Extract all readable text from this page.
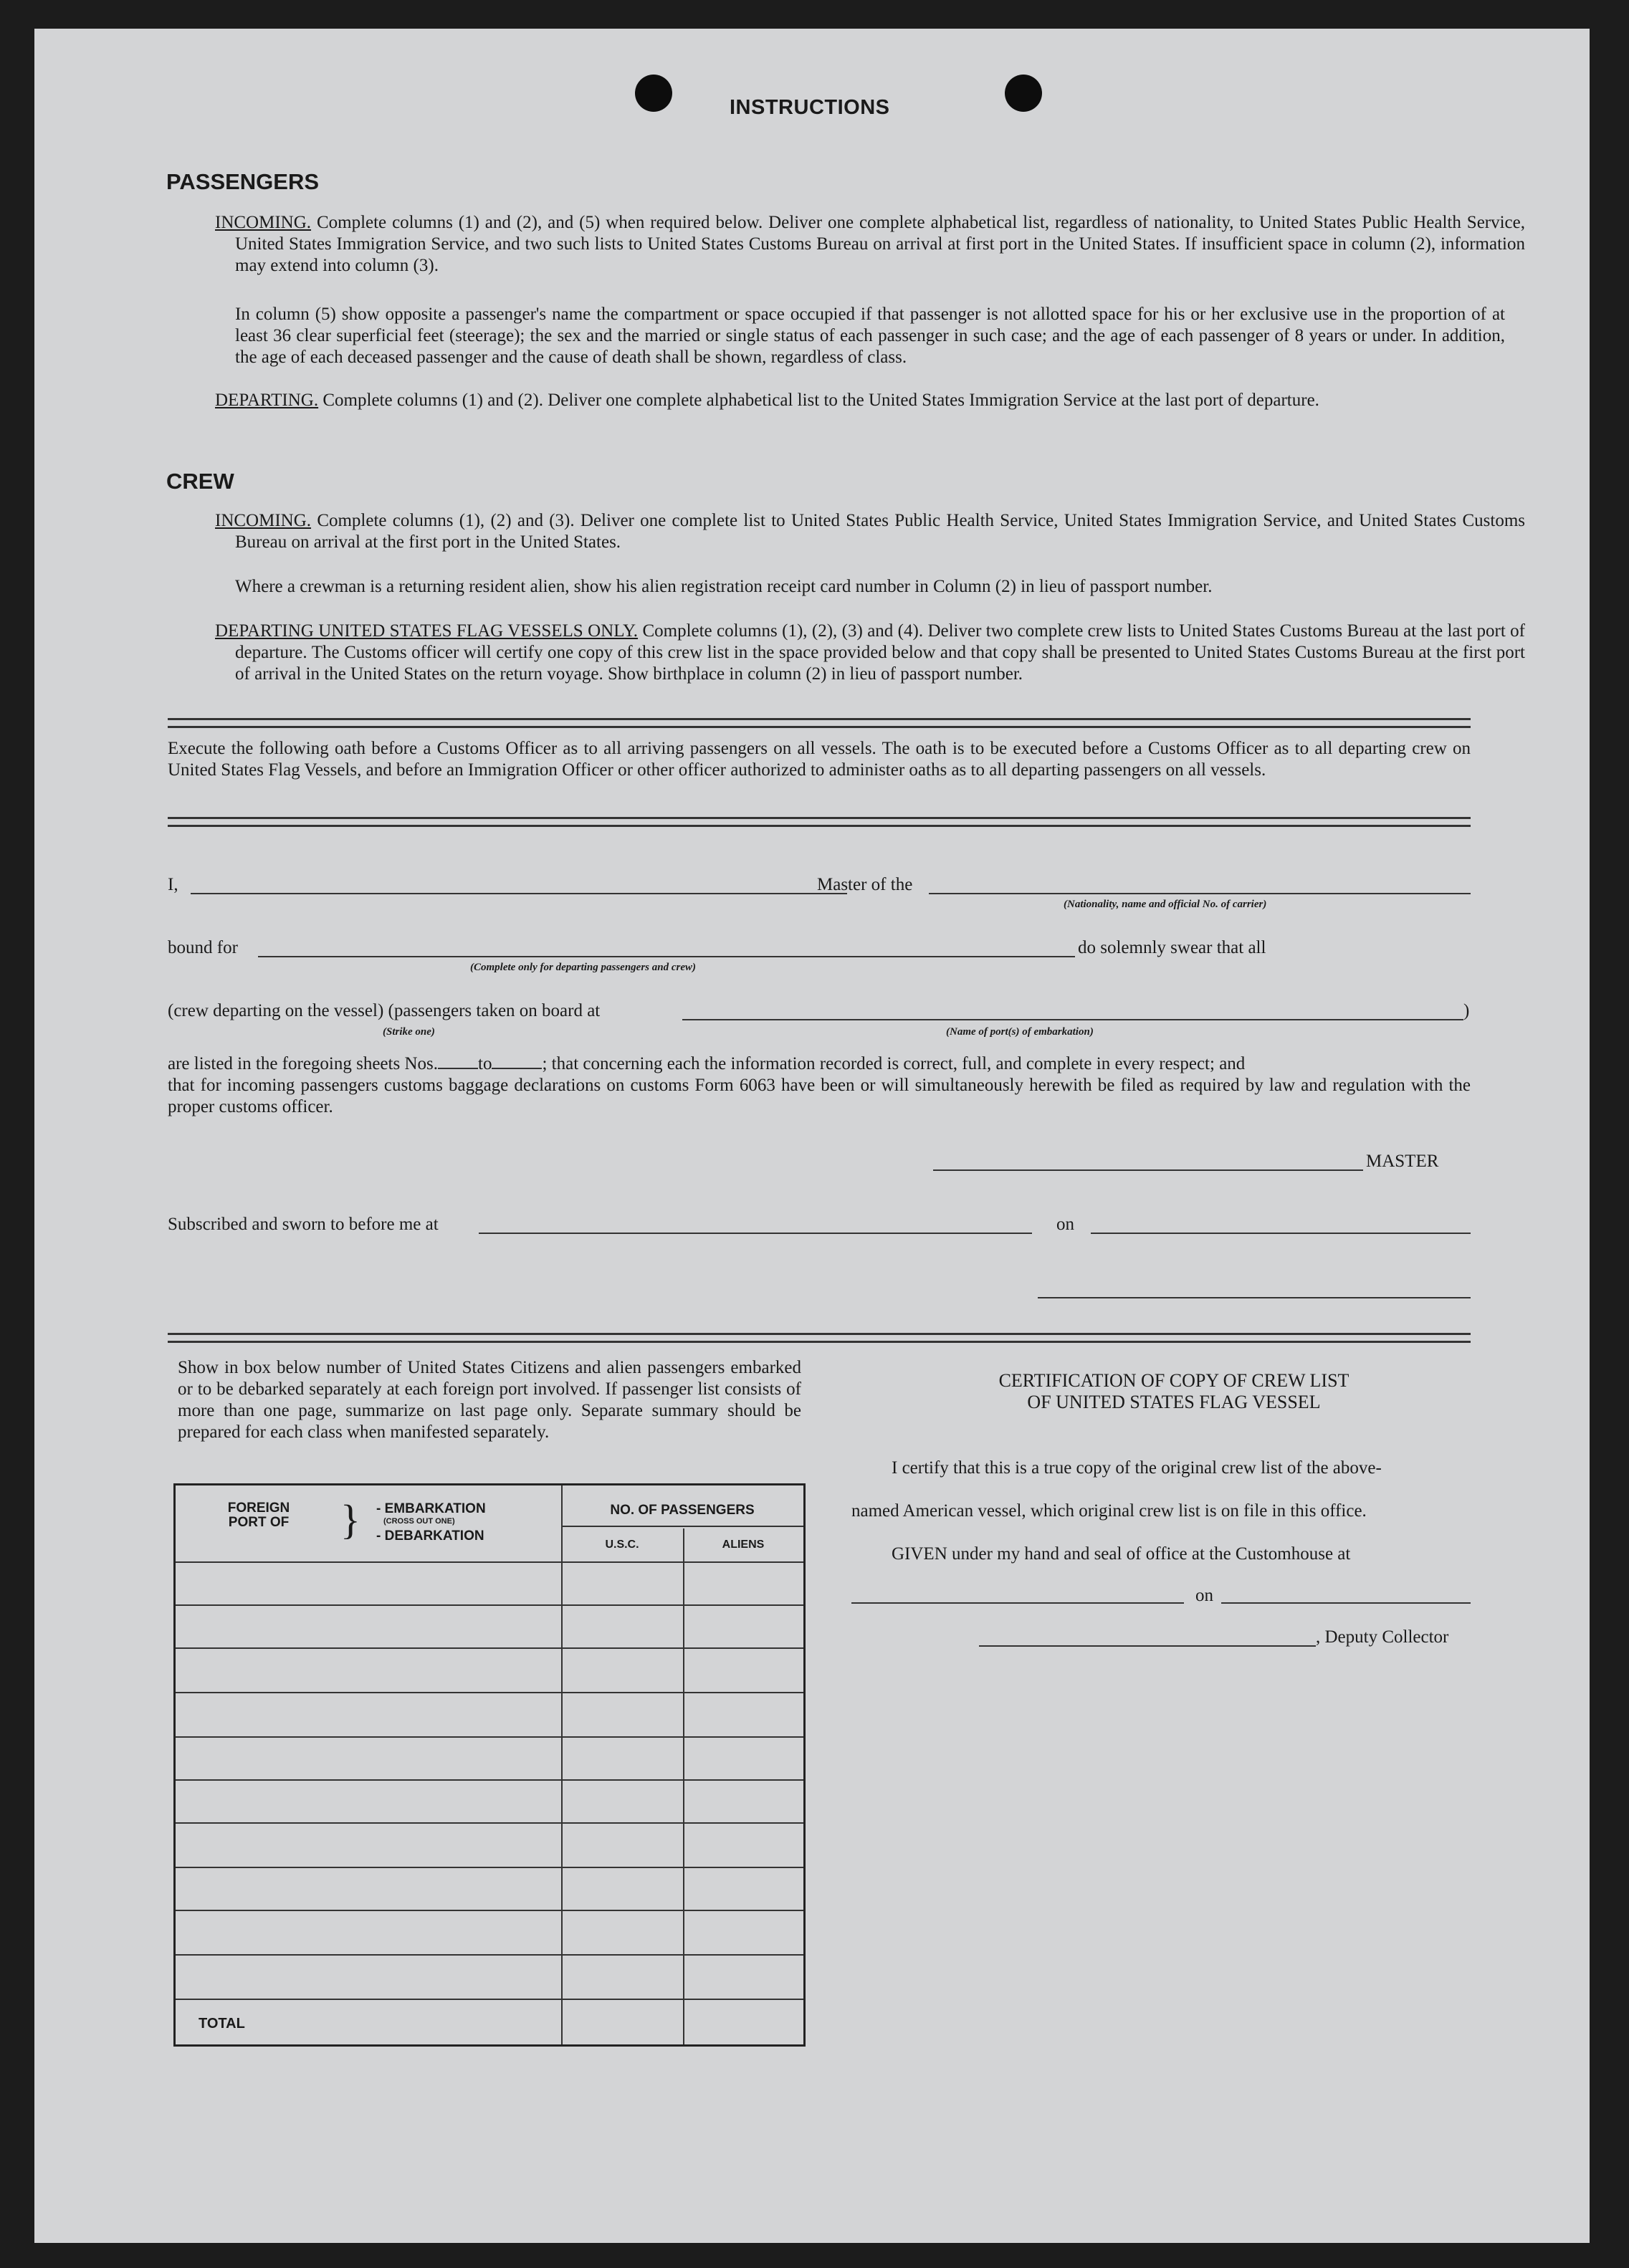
INSTRUCTIONS
PASSENGERS
INCOMING. Complete columns (1) and (2), and (5) when required below. Deliver one complete alphabetical list, regardless of nationality, to United States Public Health Service, United States Immigration Service, and two such lists to United States Customs Bureau on arrival at first port in the United States. If insufficient space in column (2), information may extend into column (3).
In column (5) show opposite a passenger's name the compartment or space occupied if that passenger is not allotted space for his or her exclusive use in the proportion of at least 36 clear superficial feet (steerage); the sex and the married or single status of each passenger in such case; and the age of each passenger of 8 years or under. In addition, the age of each deceased passenger and the cause of death shall be shown, regardless of class.
DEPARTING. Complete columns (1) and (2). Deliver one complete alphabetical list to the United States Immigration Service at the last port of departure.
CREW
INCOMING. Complete columns (1), (2) and (3). Deliver one complete list to United States Public Health Service, United States Immigration Service, and United States Customs Bureau on arrival at the first port in the United States.
Where a crewman is a returning resident alien, show his alien registration receipt card number in Column (2) in lieu of passport number.
DEPARTING UNITED STATES FLAG VESSELS ONLY. Complete columns (1), (2), (3) and (4). Deliver two complete crew lists to United States Customs Bureau at the last port of departure. The Customs officer will certify one copy of this crew list in the space provided below and that copy shall be presented to United States Customs Bureau at the first port of arrival in the United States on the return voyage. Show birthplace in column (2) in lieu of passport number.
Execute the following oath before a Customs Officer as to all arriving passengers on all vessels. The oath is to be executed before a Customs Officer as to all departing crew on United States Flag Vessels, and before an Immigration Officer or other officer authorized to administer oaths as to all departing passengers on all vessels.
I,	Master of the
(Nationality, name and official No. of carrier)
bound for
(Complete only for departing passengers and crew)
do solemnly swear that all
(crew departing on the vessel) (passengers taken on board at
(Strike one)
)
(Name of port(s) of embarkation)
are listed in the foregoing sheets Nos. to	; that concerning each the information recorded is correct, full, and complete in every respect; and
that for incoming passengers customs baggage declarations on customs Form 6063 have been or will simultaneously herewith be filed as required by law and regulation with the proper customs officer.
MASTER
Subscribed and sworn to before me at	on
Show in box below number of United States Citizens and alien passengers embarked or to be debarked separately at each foreign port involved. If passenger list consists of more than one page, summarize on last page only. Separate summary should be prepared for each class when manifested separately.
FOREIGN PORT OF	} - EMBARKATION
(CROSS OUT ONE)
- DEBARKATION
NO. OF PASSENGERS
U.S.C.	ALIENS
TOTAL
CERTIFICATION OF COPY OF CREW LIST
OF UNITED STATES FLAG VESSEL
I certify that this is a true copy of the original crew list of the above-
named American vessel, which original crew list is on file in this office.
GIVEN under my hand and seal of office at the Customhouse at
on
, Deputy Collector
